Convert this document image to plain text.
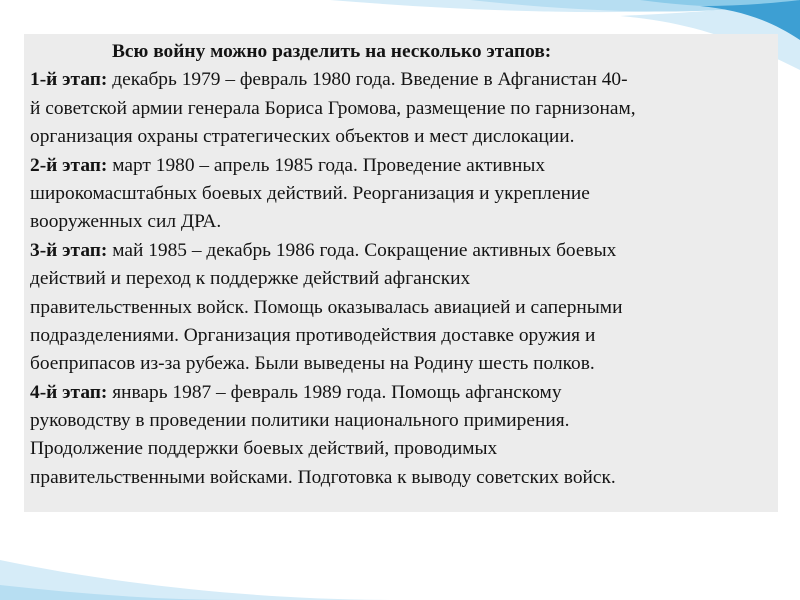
Всю войну можно разделить на несколько этапов:
1-й этап: декабрь 1979 – февраль 1980 года. Введение в Афганистан 40-
й советской армии генерала Бориса Громова, размещение по гарнизонам,
организация охраны стратегических объектов и мест дислокации.
2-й этап: март 1980 – апрель 1985 года. Проведение активных
широкомасштабных боевых действий. Реорганизация и укрепление
вооруженных сил ДРА.
3-й этап: май 1985 – декабрь 1986 года. Сокращение активных боевых
действий и переход к поддержке действий афганских
правительственных войск. Помощь оказывалась авиацией и саперными
подразделениями. Организация противодействия доставке оружия и
боеприпасов из-за рубежа. Были выведены на Родину шесть полков.
4-й этап: январь 1987 – февраль 1989 года. Помощь афганскому
руководству в проведении политики национального примирения.
Продолжение поддержки боевых действий, проводимых
правительственными войсками. Подготовка к выводу советских войск.
